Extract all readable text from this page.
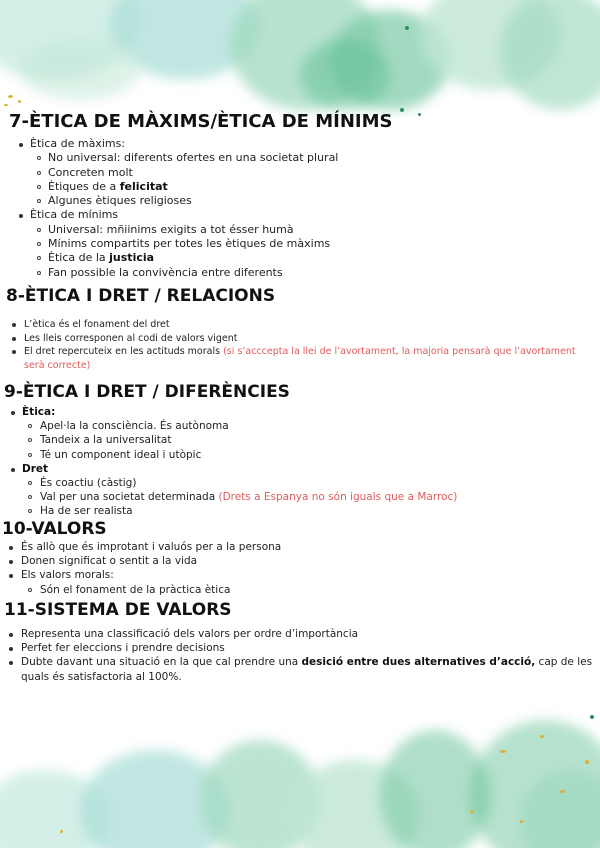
7-ÈTICA DE MÀXIMS/ÈTICA DE MÍNIMS
Ètica de màxims:
No universal: diferents ofertes en una societat plural
Concreten molt
Ètiques de a felicitat
Algunes ètiques religioses
Ètica de mínims
Universal: mñiinims exigits a tot ésser humà
Mínims compartits per totes les ètiques de màxims
Ètica de la justicia
Fan possible la convivència entre diferents
8-ÈTICA I DRET / RELACIONS
L’ètica és el fonament del dret
Les lleis corresponen al codi de valors vigent
El dret repercuteix en les actituds morals (si s’acccepta la llei de l’avortament, la majoria pensarà que l’avortament serà correcte)
9-ÈTICA I DRET / DIFERÈNCIES
Ètica:
Apel·la la consciència. És autònoma
Tandeix a la universalitat
Té un component ideal i utòpic
Dret
És coactiu (càstig)
Val per una societat determinada (Drets a Espanya no són iguals que a Marroc)
Ha de ser realista
10-VALORS
És allò que és improtant i valuós per a la persona
Donen significat o sentit a la vida
Els valors morals:
Són el fonament de la pràctica ètica
11-SISTEMA DE VALORS
Representa una classificació dels valors per ordre d’importància
Perfet fer eleccions i prendre decisions
Dubte davant una situació en la que cal prendre una desició entre dues alternatives d’acció, cap de les quals és satisfactoria al 100%.
